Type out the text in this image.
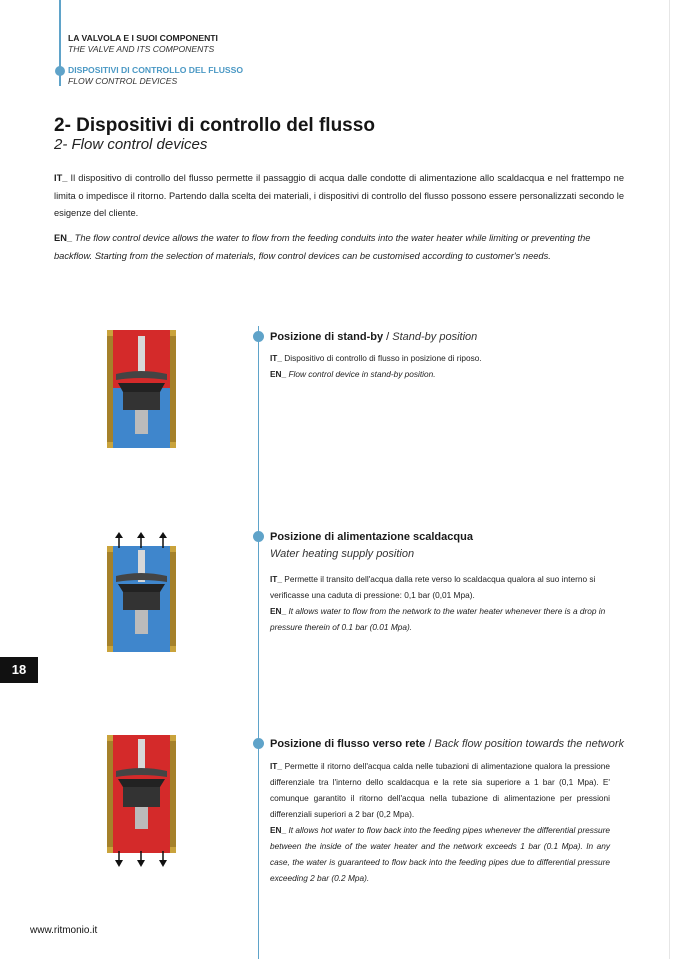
LA VALVOLA E I SUOI COMPONENTI
THE VALVE AND ITS COMPONENTS
DISPOSITIVI DI CONTROLLO DEL FLUSSO
FLOW CONTROL DEVICES
2- Dispositivi di controllo del flusso
2- Flow control devices
IT_ Il dispositivo di controllo del flusso permette il passaggio di acqua dalle condotte di alimentazione allo scaldacqua e nel frattempo ne limita o impedisce il ritorno. Partendo dalla scelta dei materiali, i dispositivi di controllo del flusso possono essere personalizzati secondo le esigenze del cliente.
EN_ The flow control device allows the water to flow from the feeding conduits into the water heater while limiting or preventing the backflow. Starting from the selection of materials, flow control devices can be customised according to customer's needs.
Posizione di stand-by / Stand-by position
IT_ Dispositivo di controllo di flusso in posizione di riposo.
EN_ Flow control device in stand-by position.
Posizione di alimentazione scaldacqua
Water heating supply position
IT_ Permette il transito dell'acqua dalla rete verso lo scaldacqua qualora al suo interno si verificasse una caduta di pressione: 0,1 bar (0,01 Mpa).
EN_ It allows water to flow from the network to the water heater whenever there is a drop in pressure therein of 0.1 bar (0.01 Mpa).
Posizione di flusso verso rete / Back flow position towards the network
IT_ Permette il ritorno dell'acqua calda nelle tubazioni di alimentazione qualora la pressione differenziale tra l'interno dello scaldacqua e la rete sia superiore a 1 bar (0,1 Mpa). E' comunque garantito il ritorno dell'acqua nella tubazione di alimentazione per pressioni differenziali superiori a 2 bar (0,2 Mpa).
EN_ It allows hot water to flow back into the feeding pipes whenever the differential pressure between the inside of the water heater and the network exceeds 1 bar (0.1 Mpa). In any case, the water is guaranteed to flow back into the feeding pipes due to differential pressure exceeding 2 bar (0.2 Mpa).
18
www.ritmonio.it
